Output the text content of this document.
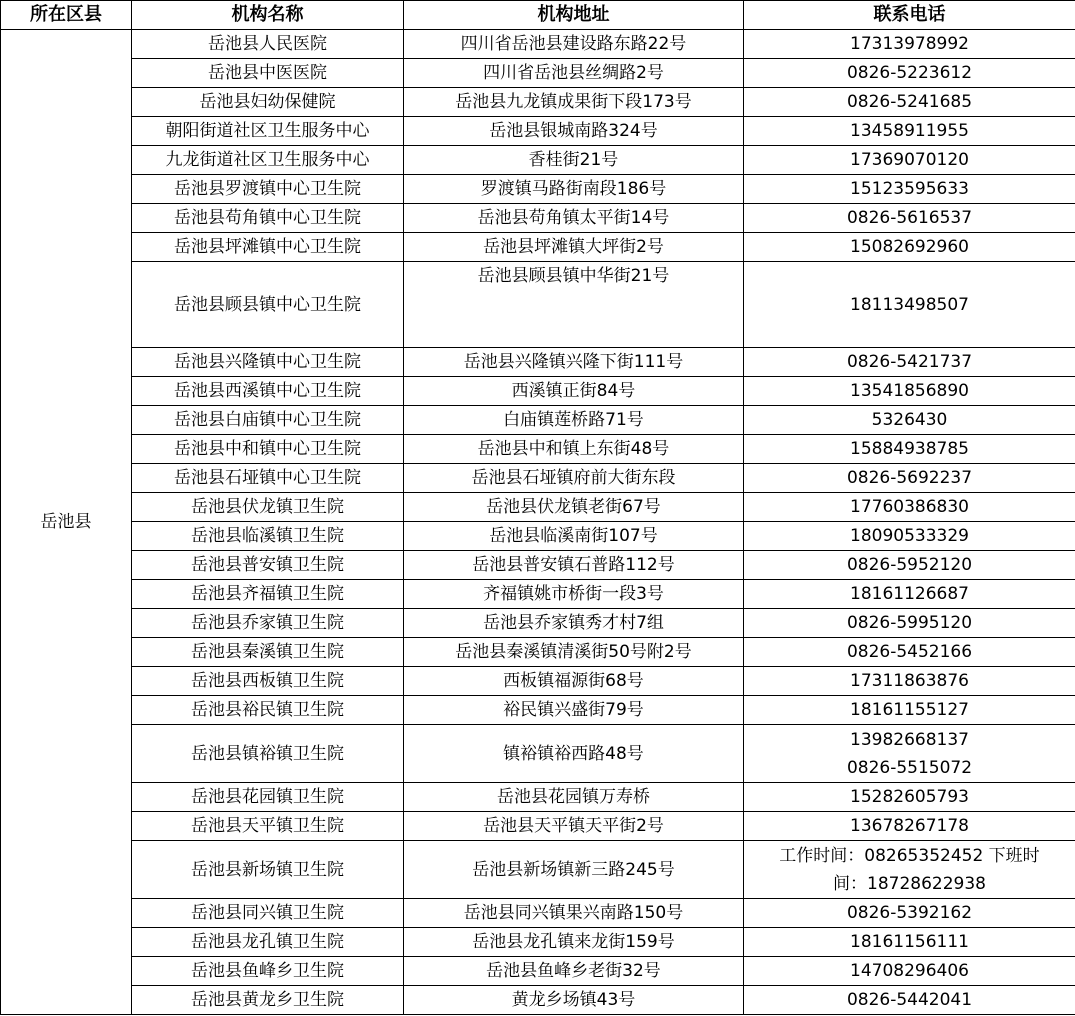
所在区县	机构名称	机构地址	联系电话
岳池县	岳池县人民医院	四川省岳池县建设路东路22号	17313978992
	岳池县中医医院	四川省岳池县丝绸路2号	0826-5223612
	岳池县妇幼保健院	岳池县九龙镇成果街下段173号	0826-5241685
	朝阳街道社区卫生服务中心	岳池县银城南路324号	13458911955
	九龙街道社区卫生服务中心	香桂街21号	17369070120
	岳池县罗渡镇中心卫生院	罗渡镇马路街南段186号	15123595633
	岳池县苟角镇中心卫生院	岳池县苟角镇太平街14号	0826-5616537
	岳池县坪滩镇中心卫生院	岳池县坪滩镇大坪街2号	15082692960
	岳池县顾县镇中心卫生院	岳池县顾县镇中华街21号	18113498507
	岳池县兴隆镇中心卫生院	岳池县兴隆镇兴隆下街111号	0826-5421737
	岳池县西溪镇中心卫生院	西溪镇正街84号	13541856890
	岳池县白庙镇中心卫生院	白庙镇莲桥路71号	5326430
	岳池县中和镇中心卫生院	岳池县中和镇上东街48号	15884938785
	岳池县石垭镇中心卫生院	岳池县石垭镇府前大街东段	0826-5692237
	岳池县伏龙镇卫生院	岳池县伏龙镇老街67号	17760386830
	岳池县临溪镇卫生院	岳池县临溪南街107号	18090533329
	岳池县普安镇卫生院	岳池县普安镇石普路112号	0826-5952120
	岳池县齐福镇卫生院	齐福镇姚市桥街一段3号	18161126687
	岳池县乔家镇卫生院	岳池县乔家镇秀才村7组	0826-5995120
	岳池县秦溪镇卫生院	岳池县秦溪镇清溪街50号附2号	0826-5452166
	岳池县西板镇卫生院	西板镇福源街68号	17311863876
	岳池县裕民镇卫生院	裕民镇兴盛街79号	18161155127
	岳池县镇裕镇卫生院	镇裕镇裕西路48号	13982668137
0826-5515072

	岳池县花园镇卫生院	岳池县花园镇万寿桥	15282605793
	岳池县天平镇卫生院	岳池县天平镇天平街2号	13678267178
	岳池县新场镇卫生院	岳池县新场镇新三路245号	工作时间：08265352452 下班时
间：18728622938

	岳池县同兴镇卫生院	岳池县同兴镇果兴南路150号	0826-5392162
	岳池县龙孔镇卫生院	岳池县龙孔镇来龙街159号	18161156111
	岳池县鱼峰乡卫生院	岳池县鱼峰乡老街32号	14708296406
	岳池县黄龙乡卫生院	黄龙乡场镇43号	0826-5442041
